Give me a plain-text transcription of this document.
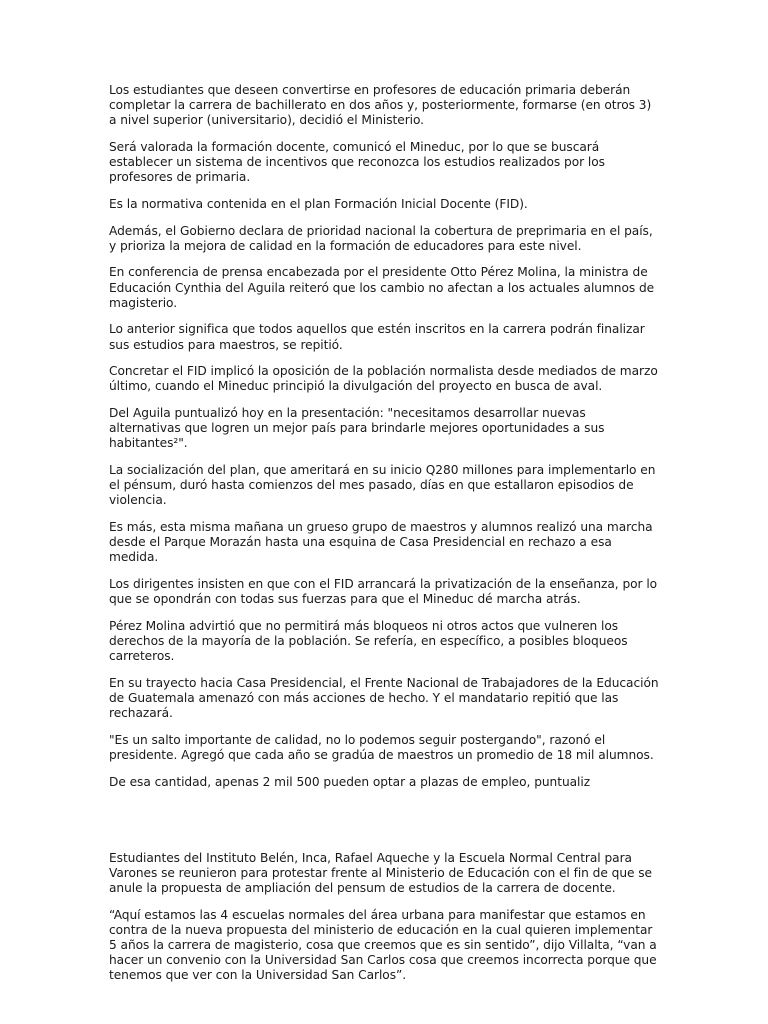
Los estudiantes que deseen convertirse en profesores de educación primaria deberán completar la carrera de bachillerato en dos años y, posteriormente, formarse (en otros 3) a nivel superior (universitario), decidió el Ministerio.

Será valorada la formación docente, comunicó el Mineduc, por lo que se buscará establecer un sistema de incentivos que reconozca los estudios realizados por los profesores de primaria.

Es la normativa contenida en el plan Formación Inicial Docente (FID).

Además, el Gobierno declara de prioridad nacional la cobertura de preprimaria en el país, y prioriza la mejora de calidad en la formación de educadores para este nivel.

En conferencia de prensa encabezada por el presidente Otto Pérez Molina, la ministra de Educación Cynthia del Aguila reiteró que los cambio no afectan a los actuales alumnos de magisterio.

Lo anterior significa que todos aquellos que estén inscritos en la carrera podrán finalizar sus estudios para maestros, se repitió.

Concretar el FID implicó la oposición de la población normalista desde mediados de marzo último, cuando el Mineduc principió la divulgación del proyecto en busca de aval.

Del Aguila puntualizó hoy en la presentación: "necesitamos desarrollar nuevas alternativas que logren un mejor país para brindarle mejores oportunidades a sus habitantes²".

La socialización del plan, que ameritará en su inicio Q280 millones para implementarlo en el pénsum, duró hasta comienzos del mes pasado, días en que estallaron episodios de violencia.

Es más, esta misma mañana un grueso grupo de maestros y alumnos realizó una marcha desde el Parque Morazán hasta una esquina de Casa Presidencial en rechazo a esa medida.

Los dirigentes insisten en que con el FID arrancará la privatización de la enseñanza, por lo que se opondrán con todas sus fuerzas para que el Mineduc dé marcha atrás.

Pérez Molina advirtió que no permitirá más bloqueos ni otros actos que vulneren los derechos de la mayoría de la población. Se refería, en específico, a posibles bloqueos carreteros.

En su trayecto hacia Casa Presidencial, el Frente Nacional de Trabajadores de la Educación de Guatemala amenazó con más acciones de hecho. Y el mandatario repitió que las rechazará.

"Es un salto importante de calidad, no lo podemos seguir postergando", razonó el presidente. Agregó que cada año se gradúa de maestros un promedio de 18 mil alumnos.

De esa cantidad, apenas 2 mil 500 pueden optar a plazas de empleo, puntualiz

Estudiantes del Instituto Belén, Inca, Rafael Aqueche y la Escuela Normal Central para Varones se reunieron para protestar frente al Ministerio de Educación con el fin de que se anule la propuesta de ampliación del pensum de estudios de la carrera de docente.

“Aquí estamos las 4 escuelas normales del área urbana para manifestar que estamos en contra de la nueva propuesta del ministerio de educación en la cual quieren implementar 5 años la carrera de magisterio, cosa que creemos que es sin sentido”, dijo Villalta, “van a hacer un convenio con la Universidad San Carlos cosa que creemos incorrecta porque que tenemos que ver con la Universidad San Carlos”.
